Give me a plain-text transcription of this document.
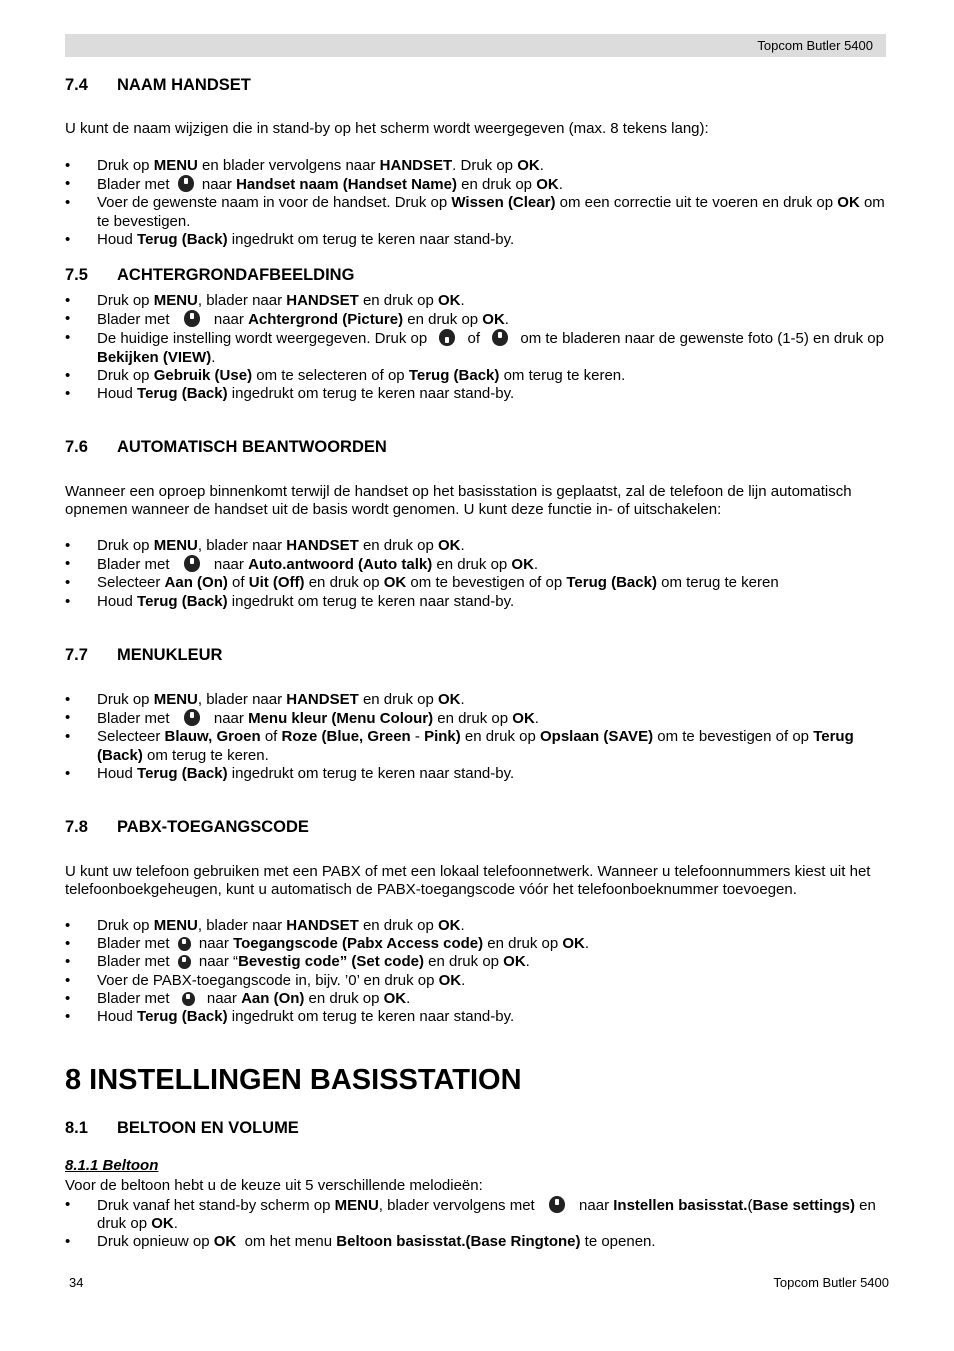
Topcom Butler 5400
7.4 NAAM HANDSET

U kunt de naam wijzigen die in stand-by op het scherm wordt weergegeven (max. 8 tekens lang):

• Druk op MENU en blader vervolgens naar HANDSET. Druk op OK.
• Blader met  naar Handset naam (Handset Name) en druk op OK.
• Voer de gewenste naam in voor de handset. Druk op Wissen (Clear) om een correctie uit te voeren en druk op OK om te bevestigen.
• Houd Terug (Back) ingedrukt om terug te keren naar stand-by.
7.5 ACHTERGRONDAFBEELDING
• Druk op MENU, blader naar HANDSET en druk op OK.
• Blader met  naar Achtergrond (Picture) en druk op OK.
• De huidige instelling wordt weergegeven. Druk op  of  om te bladeren naar de gewenste foto (1-5) en druk op Bekijken (VIEW).
• Druk op Gebruik (Use) om te selecteren of op Terug (Back) om terug te keren.
• Houd Terug (Back) ingedrukt om terug te keren naar stand-by.
7.6 AUTOMATISCH BEANTWOORDEN

Wanneer een oproep binnenkomt terwijl de handset op het basisstation is geplaatst, zal de telefoon de lijn automatisch opnemen wanneer de handset uit de basis wordt genomen. U kunt deze functie in- of uitschakelen:

• Druk op MENU, blader naar HANDSET en druk op OK.
• Blader met  naar Auto.antwoord (Auto talk) en druk op OK.
• Selecteer Aan (On) of Uit (Off) en druk op OK om te bevestigen of op Terug (Back) om terug te keren
• Houd Terug (Back) ingedrukt om terug te keren naar stand-by.
7.7 MENUKLEUR
• Druk op MENU, blader naar HANDSET en druk op OK.
• Blader met  naar Menu kleur (Menu Colour) en druk op OK.
• Selecteer Blauw, Groen of Roze (Blue, Green - Pink) en druk op Opslaan (SAVE) om te bevestigen of op Terug (Back) om terug te keren.
• Houd Terug (Back) ingedrukt om terug te keren naar stand-by.
7.8 PABX-TOEGANGSCODE

U kunt uw telefoon gebruiken met een PABX of met een lokaal telefoonnetwerk. Wanneer u telefoonnummers kiest uit het telefoonboekgeheugen, kunt u automatisch de PABX-toegangscode vóór het telefoonboeknummer toevoegen.

• Druk op MENU, blader naar HANDSET en druk op OK.
• Blader met  naar Toegangscode (Pabx Access code) en druk op OK.
• Blader met  naar “Bevestig code” (Set code) en druk op OK.
• Voer de PABX-toegangscode in, bijv. ’0’ en druk op OK.
• Blader met  naar Aan (On) en druk op OK.
• Houd Terug (Back) ingedrukt om terug te keren naar stand-by.
8 INSTELLINGEN BASISSTATION
8.1 BELTOON EN VOLUME
8.1.1 Beltoon

Voor de beltoon hebt u de keuze uit 5 verschillende melodieën:

• Druk vanaf het stand-by scherm op MENU, blader vervolgens met  naar Instellen basisstat.(Base settings) en druk op OK.
• Druk opnieuw op OK  om het menu Beltoon basisstat.(Base Ringtone) te openen.
34	Topcom Butler 5400
